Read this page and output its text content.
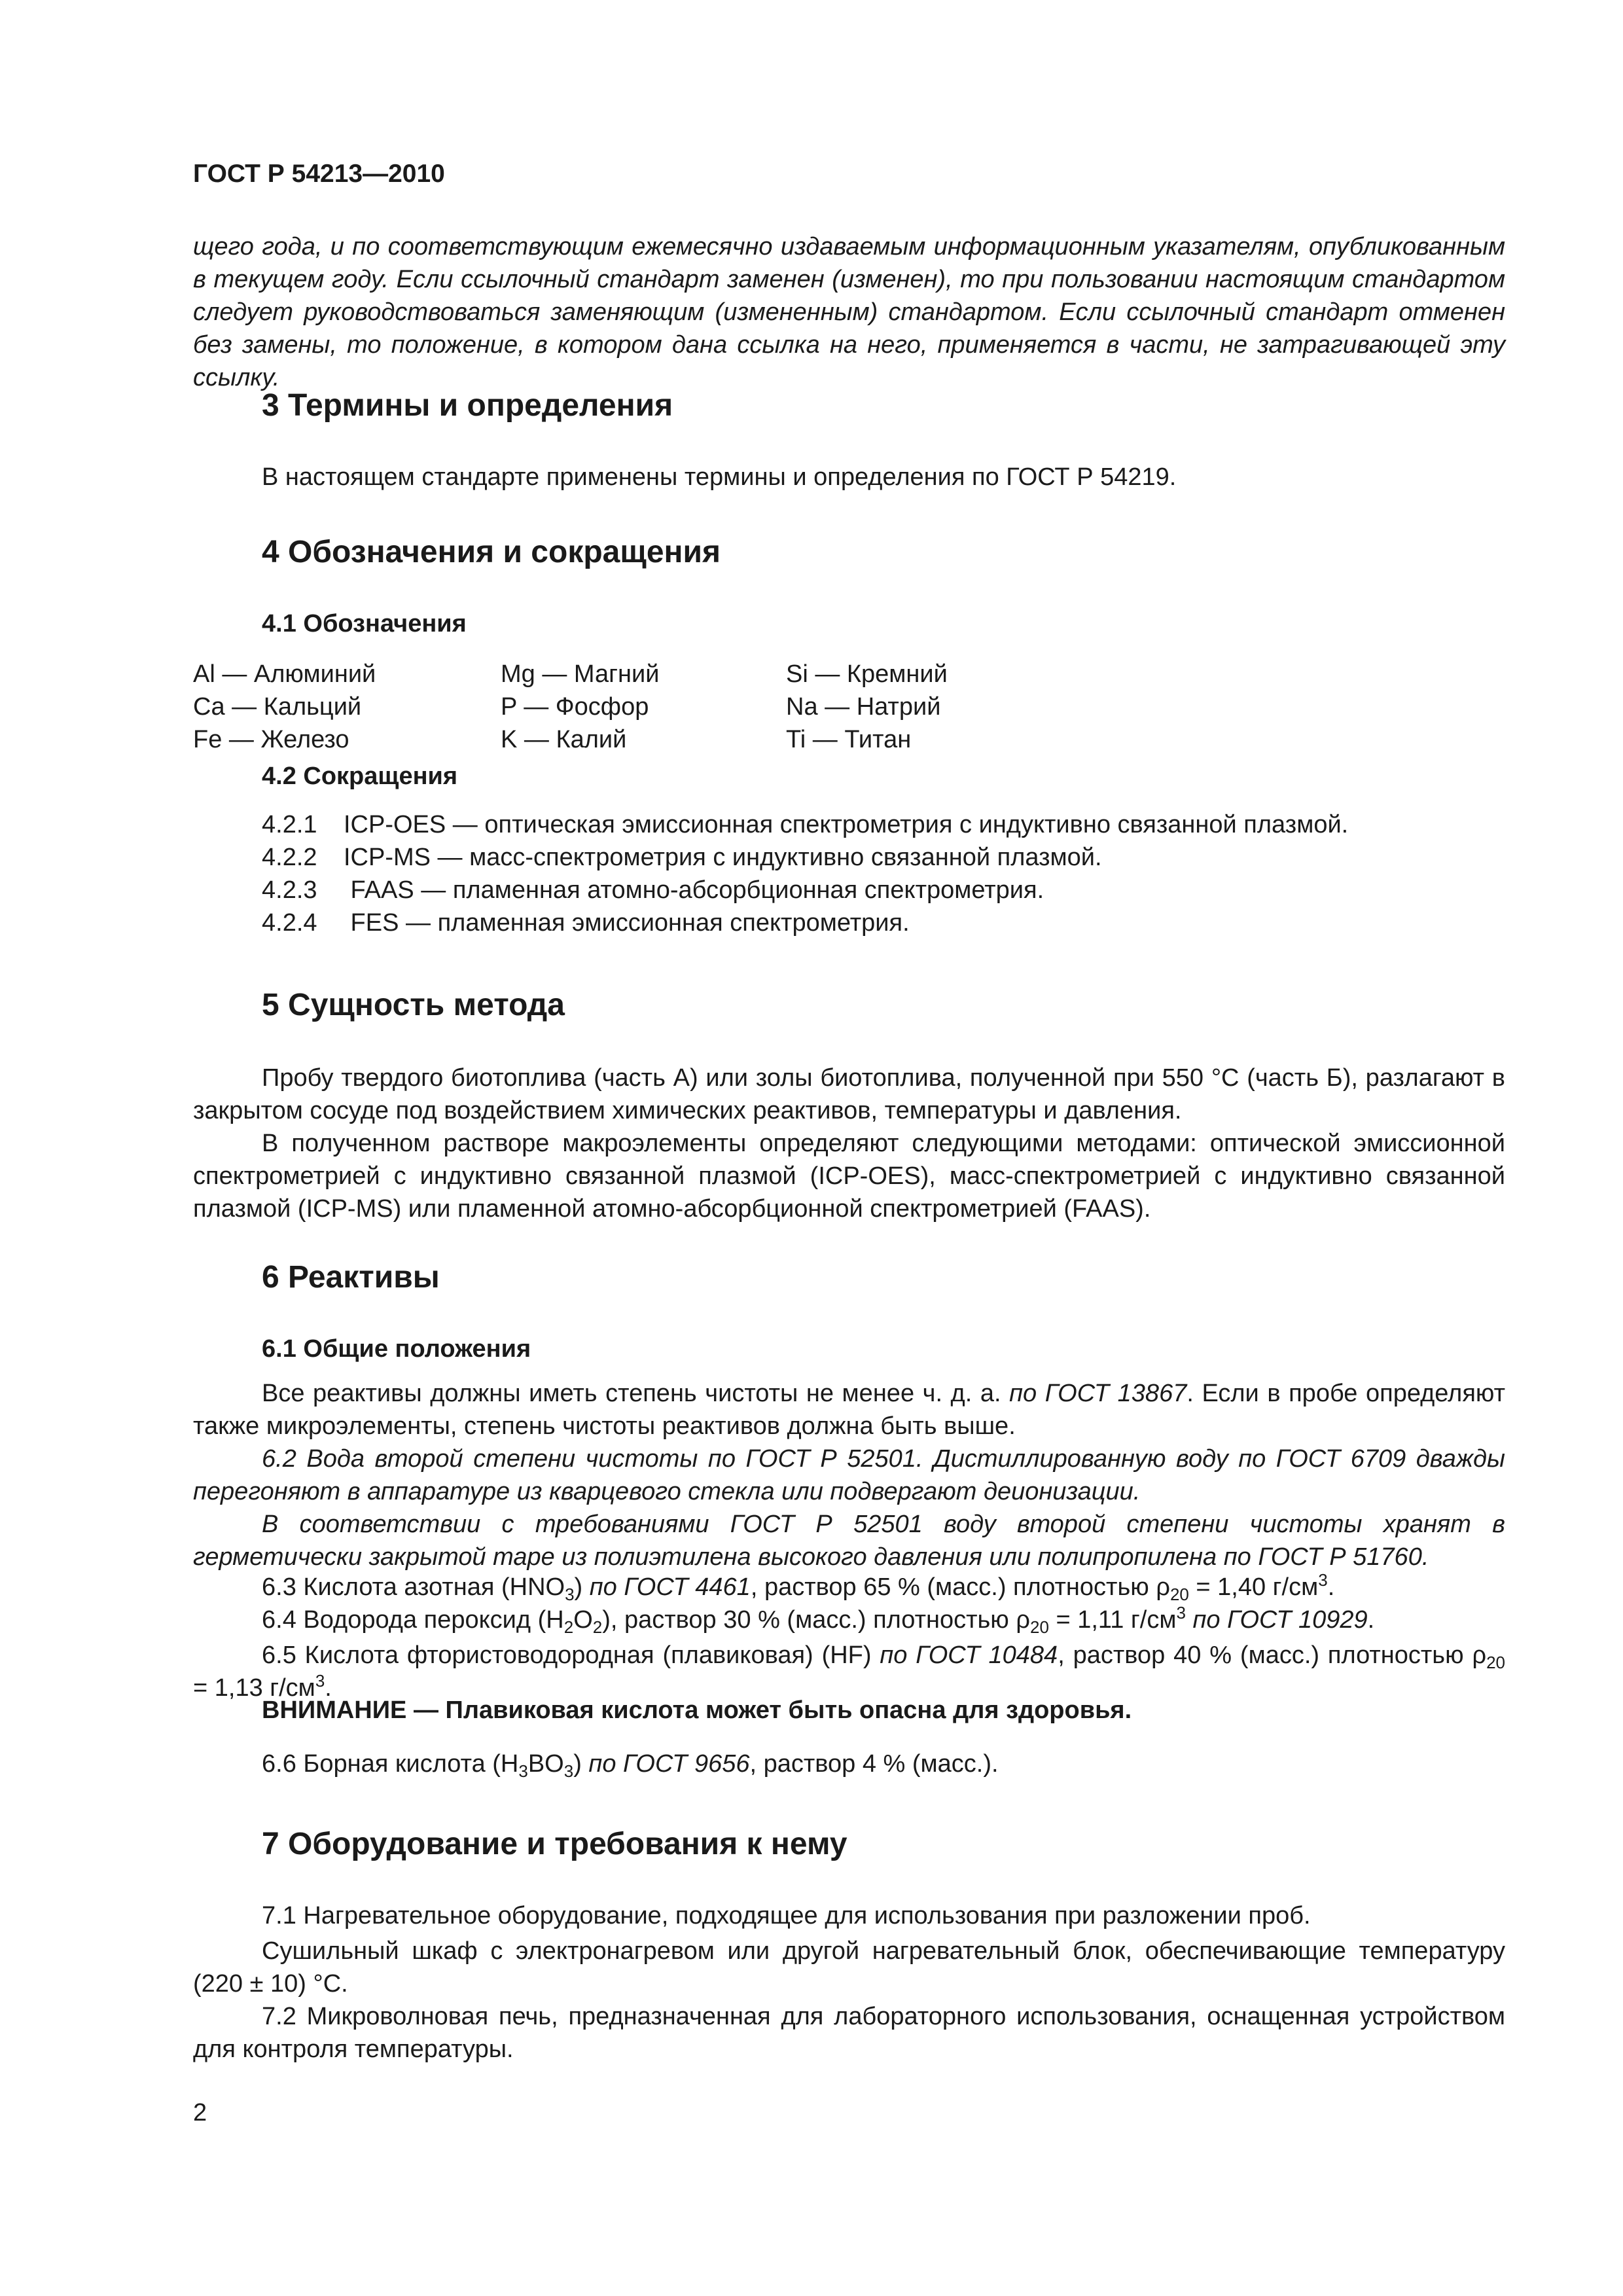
ГОСТ Р 54213—2010
щего года, и по соответствующим ежемесячно издаваемым информационным указателям, опубликованным в текущем году. Если ссылочный стандарт заменен (изменен), то при пользовании настоящим стандартом следует руководствоваться заменяющим (измененным) стандартом. Если ссылочный стандарт отменен без замены, то положение, в котором дана ссылка на него, применяется в части, не затрагивающей эту ссылку.
3 Термины и определения
В настоящем стандарте применены термины и определения по ГОСТ Р 54219.
4 Обозначения и сокращения
4.1 Обозначения
Al — Алюминий	Mg — Магний	Si — Кремний
Ca — Кальций	P — Фосфор	Na — Натрий
Fe — Железо	K — Калий	Ti — Титан
4.2 Сокращения
4.2.1 ICP-OES — оптическая эмиссионная спектрометрия с индуктивно связанной плазмой.
4.2.2 ICP-MS — масс-спектрометрия с индуктивно связанной плазмой.
4.2.3 FAAS — пламенная атомно-абсорбционная спектрометрия.
4.2.4 FES — пламенная эмиссионная спектрометрия.
5 Сущность метода
Пробу твердого биотоплива (часть А) или золы биотоплива, полученной при 550 °С (часть Б), разлагают в закрытом сосуде под воздействием химических реактивов, температуры и давления.
В полученном растворе макроэлементы определяют следующими методами: оптической эмиссионной спектрометрией с индуктивно связанной плазмой (ICP-OES), масс-спектрометрией с индуктивно связанной плазмой (ICP-MS) или пламенной атомно-абсорбционной спектрометрией (FAAS).
6 Реактивы
6.1 Общие положения
Все реактивы должны иметь степень чистоты не менее ч. д. а. по ГОСТ 13867. Если в пробе определяют также микроэлементы, степень чистоты реактивов должна быть выше.
6.2 Вода второй степени чистоты по ГОСТ Р 52501. Дистиллированную воду по ГОСТ 6709 дважды перегоняют в аппаратуре из кварцевого стекла или подвергают деионизации.
В соответствии с требованиями ГОСТ Р 52501 воду второй степени чистоты хранят в герметически закрытой таре из полиэтилена высокого давления или полипропилена по ГОСТ Р 51760.
6.3 Кислота азотная $(HNO_3)$ по ГОСТ 4461, раствор 65 % (масс.) плотностью $\rho_{20} = 1,40$ $г/см^3$.
6.4 Водорода пероксид $(H_2O_2)$, раствор 30 % (масс.) плотностью $\rho_{20} = 1,11$ $г/см^3$ по ГОСТ 10929.
6.5 Кислота фтористоводородная (плавиковая) (HF) по ГОСТ 10484, раствор 40 % (масс.) плотностью $\rho_{20} = 1,13$ $г/см^3$.
ВНИМАНИЕ — Плавиковая кислота может быть опасна для здоровья.
6.6 Борная кислота $(H_3BO_3)$ по ГОСТ 9656, раствор 4 % (масс.).
7 Оборудование и требования к нему
7.1 Нагревательное оборудование, подходящее для использования при разложении проб.
Сушильный шкаф с электронагревом или другой нагревательный блок, обеспечивающие температуру (220 ± 10) °С.
7.2 Микроволновая печь, предназначенная для лабораторного использования, оснащенная устройством для контроля температуры.
2
